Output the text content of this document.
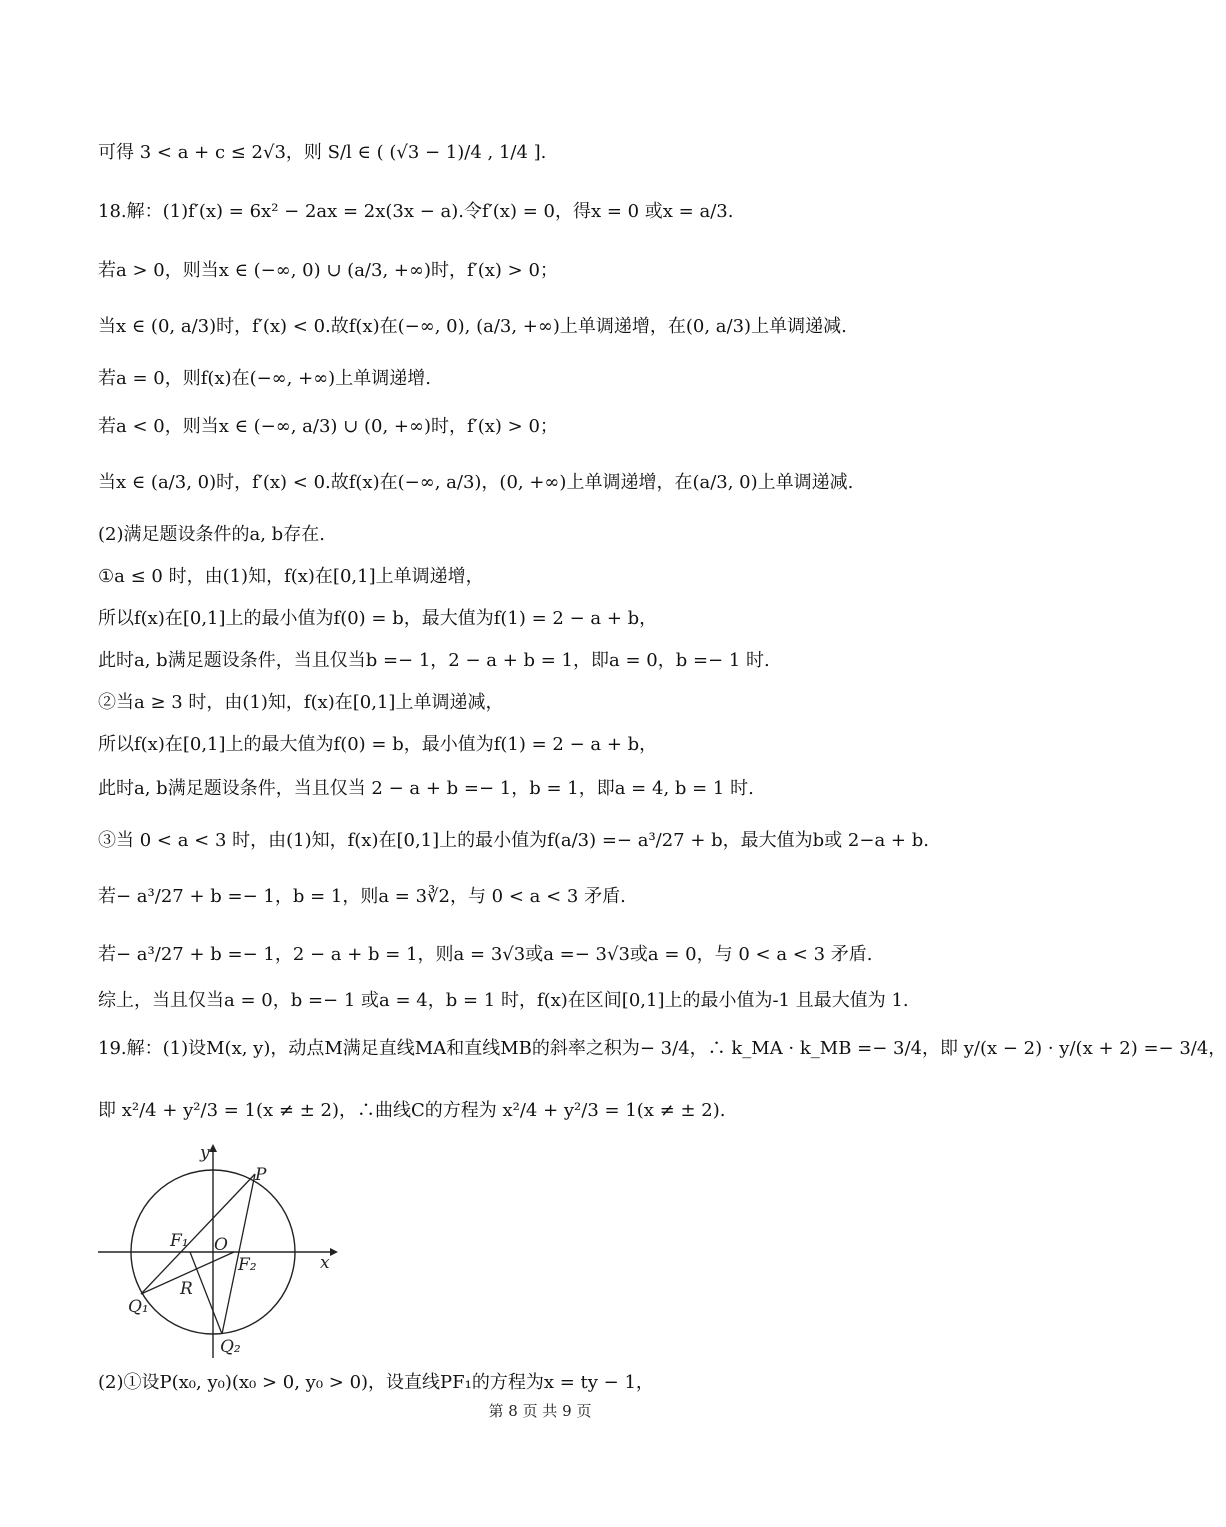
可得 3 < a + c ≤ 2√3，则 S/l ∈ ( (√3 − 1)/4 , 1/4 ].
18.解：(1)f′(x) = 6x² − 2ax = 2x(3x − a).令f′(x) = 0，得x = 0 或x = a/3.
若a > 0，则当x ∈ (−∞, 0) ∪ (a/3, +∞)时，f′(x) > 0；
当x ∈ (0, a/3)时，f′(x) < 0.故f(x)在(−∞, 0), (a/3, +∞)上单调递增，在(0, a/3)上单调递减.
若a = 0，则f(x)在(−∞, +∞)上单调递增.
若a < 0，则当x ∈ (−∞, a/3) ∪ (0, +∞)时，f′(x) > 0；
当x ∈ (a/3, 0)时，f′(x) < 0.故f(x)在(−∞, a/3)，(0, +∞)上单调递增，在(a/3, 0)上单调递减.
(2)满足题设条件的a, b存在.
①a ≤ 0 时，由(1)知，f(x)在[0,1]上单调递增，
所以f(x)在[0,1]上的最小值为f(0) = b，最大值为f(1) = 2 − a + b，
此时a, b满足题设条件，当且仅当b =− 1，2 − a + b = 1，即a = 0，b =− 1 时.
②当a ≥ 3 时，由(1)知，f(x)在[0,1]上单调递减，
所以f(x)在[0,1]上的最大值为f(0) = b，最小值为f(1) = 2 − a + b，
此时a, b满足题设条件，当且仅当 2 − a + b =− 1，b = 1，即a = 4, b = 1 时.
③当 0 < a < 3 时，由(1)知，f(x)在[0,1]上的最小值为f(a/3) =− a³/27 + b，最大值为b或 2−a + b.
若− a³/27 + b =− 1，b = 1，则a = 3∛2，与 0 < a < 3 矛盾.
若− a³/27 + b =− 1，2 − a + b = 1，则a = 3√3或a =− 3√3或a = 0，与 0 < a < 3 矛盾.
综上，当且仅当a = 0，b =− 1 或a = 4，b = 1 时，f(x)在区间[0,1]上的最小值为-1 且最大值为 1.
19.解：(1)设M(x, y)，动点M满足直线MA和直线MB的斜率之积为− 3/4，∴ k_MA · k_MB =− 3/4，即 y/(x − 2) · y/(x + 2) =− 3/4，
即 x²/4 + y²/3 = 1(x ≠ ± 2)，∴曲线C的方程为 x²/4 + y²/3 = 1(x ≠ ± 2).
y
x
P
O
F₁
F₂
R
Q₁
Q₂
(2)①设P(x₀, y₀)(x₀ > 0, y₀ > 0)，设直线PF₁的方程为x = ty − 1，
第 8 页 共 9 页
